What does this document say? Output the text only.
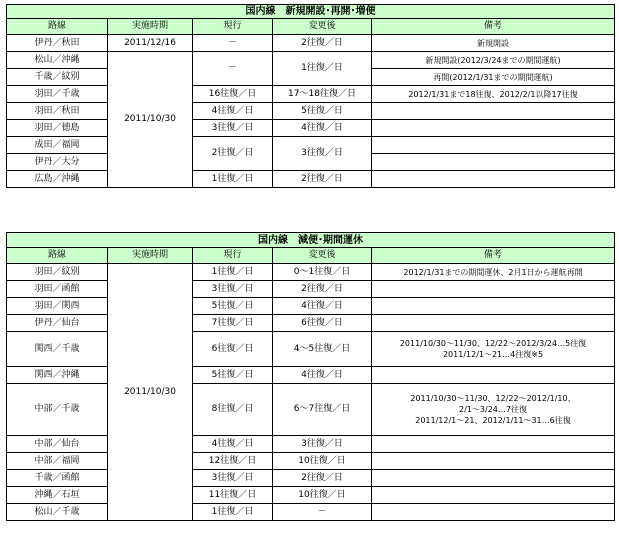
国内線　新規開設･再開･増便				
路線	実施時期	現行	変更後	備考
伊丹／秋田	2011/12/16	－	2往復／日	新規開設
松山／沖縄	2011/10/30	－	1往復／日	新規開設(2012/3/24までの期間運航)
千歳／紋別				再開(2012/1/31までの期間運航)
羽田／千歳		16往復／日	17～18往復／日	2012/1/31まで18往復、2012/2/1以降17往復
羽田／秋田		4往復／日	5往復／日	
羽田／徳島		3往復／日	4往復／日	
成田／福岡		2往復／日	3往復／日	
伊丹／大分				
広島／沖縄		1往復／日	2往復／日	
国内線　減便･期間運休				
路線	実施時期	現行	変更後	備考
羽田／紋別	2011/10/30	1往復／日	0～1往復／日	2012/1/31までの期間運休、2月1日から運航再開
羽田／函館		3往復／日	2往復／日	
羽田／関西		5往復／日	4往復／日	
伊丹／仙台		7往復／日	6往復／日	
関西／千歳		6往復／日	4～5往復／日	2011/10/30～11/30、12/22～2012/3/24…5往復
2011/12/1～21…4往復※5

関西／沖縄		5往復／日	4往復／日	
中部／千歳		8往復／日	6～7往復／日	2011/10/30～11/30、12/22～2012/1/10、
2/1～3/24…7往復
2011/12/1～21、2012/1/11～31…6往復

中部／仙台		4往復／日	3往復／日	
中部／福岡		12往復／日	10往復／日	
千歳／函館		3往復／日	2往復／日	
沖縄／石垣		11往復／日	10往復／日	
松山／千歳		1往復／日	－	
